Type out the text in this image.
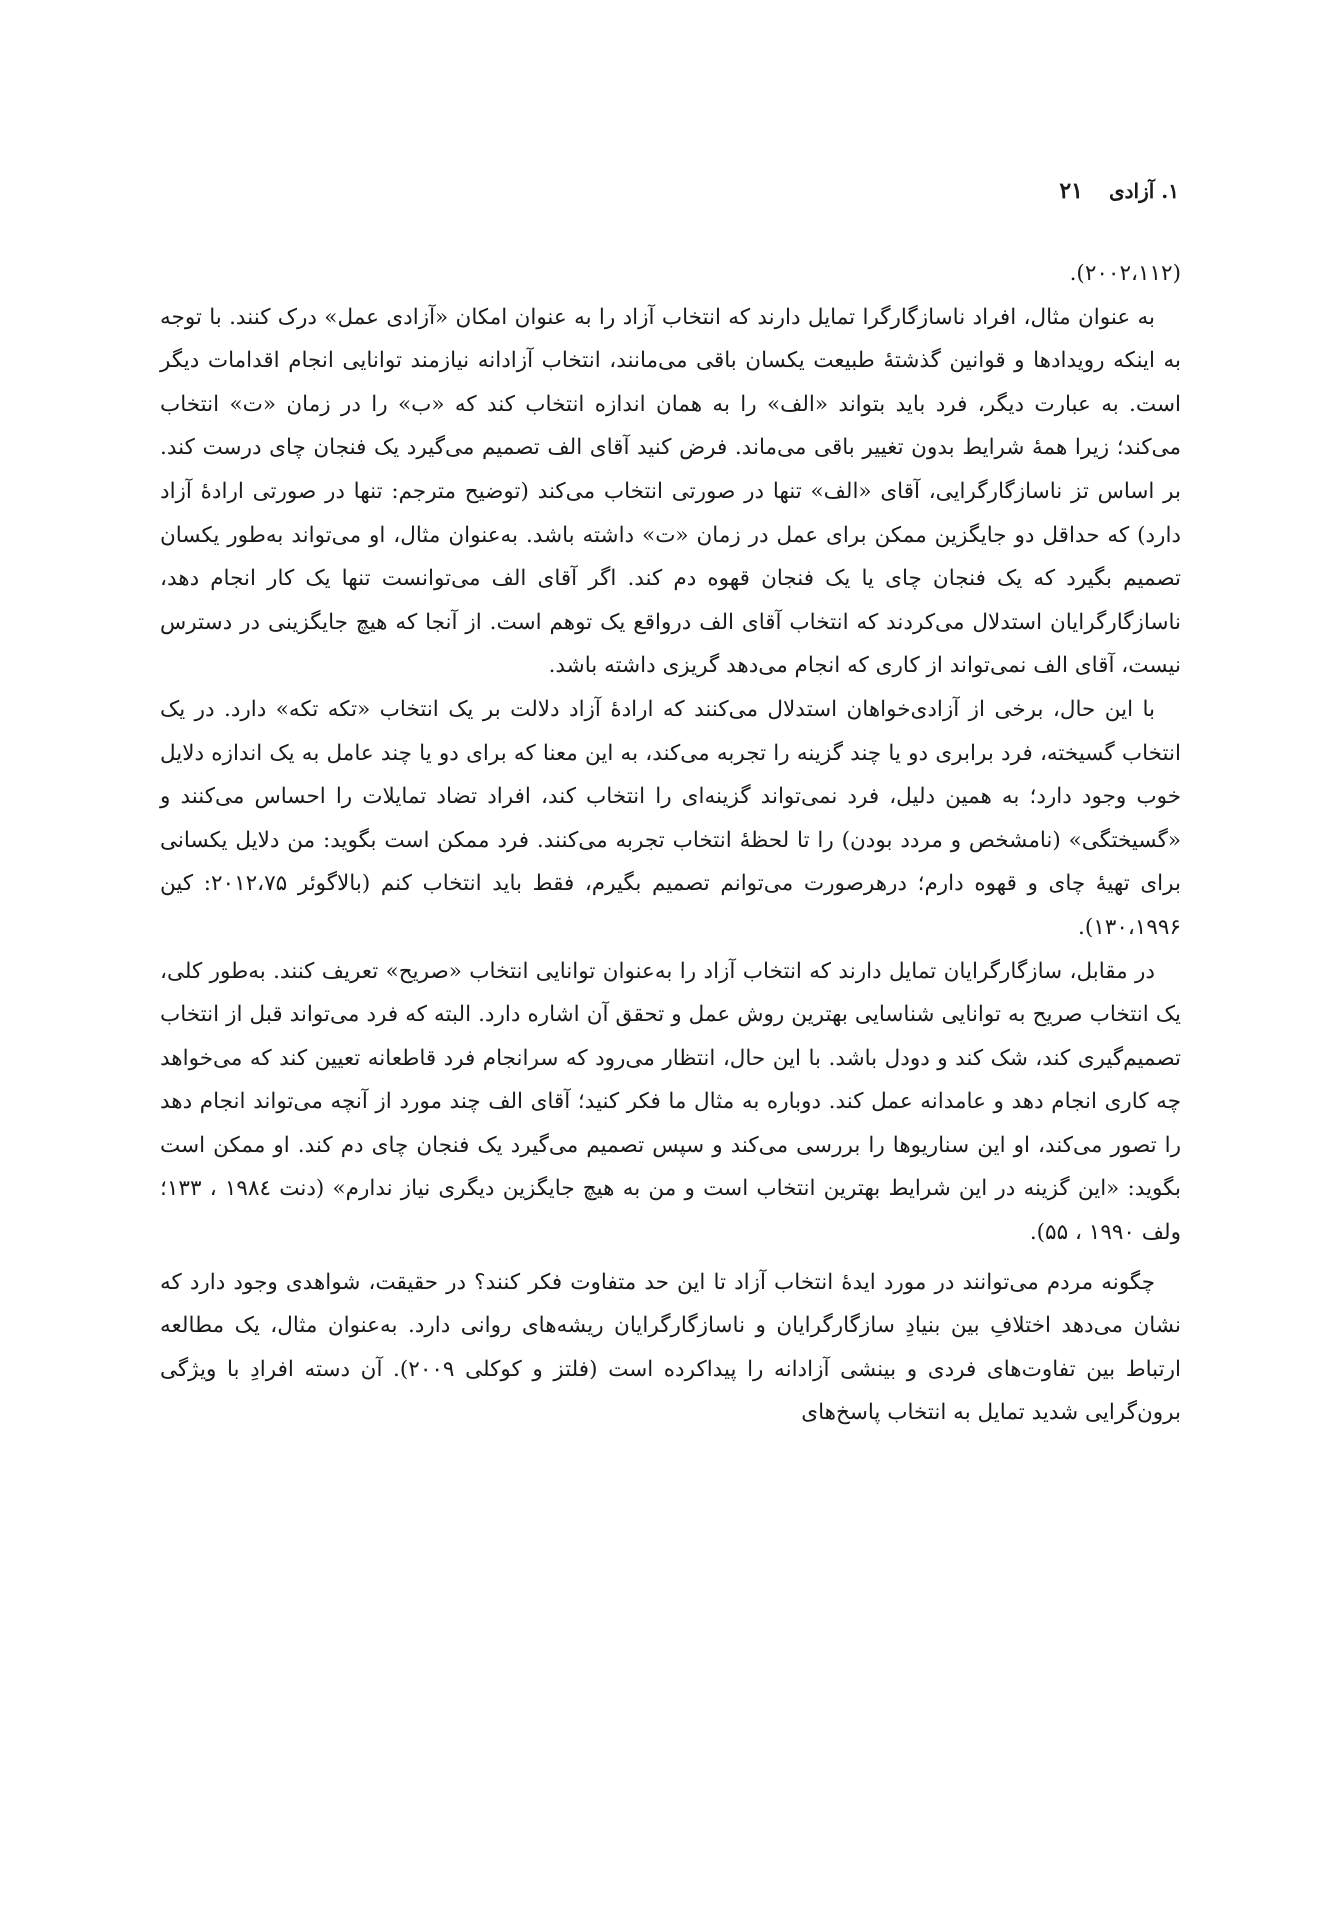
۱. آزادی
۲۱

(۲۰۰۲،۱۱۲).

به عنوان مثال، افراد ناسازگارگرا تمایل دارند که انتخاب آزاد را به عنوان امکان «آزادی عمل» درک کنند. با توجه به اینکه رویدادها و قوانین گذشتهٔ طبیعت یکسان باقی می‌مانند، انتخاب آزادانه نیازمند توانایی انجام اقدامات دیگر است. به عبارت دیگر، فرد باید بتواند «الف» را به همان اندازه انتخاب کند که «ب» را در زمان «ت» انتخاب می‌کند؛ زیرا همهٔ شرایط بدون تغییر باقی می‌ماند. فرض کنید آقای الف تصمیم می‌گیرد یک فنجان چای درست کند. بر اساس تز ناسازگارگرایی، آقای «الف» تنها در صورتی انتخاب می‌کند (توضیح مترجم: تنها در صورتی ارادهٔ آزاد دارد) که حداقل دو جایگزین ممکن برای عمل در زمان «ت» داشته باشد. به‌عنوان مثال، او می‌تواند به‌طور یکسان تصمیم بگیرد که یک فنجان چای یا یک فنجان قهوه دم کند. اگر آقای الف می‌توانست تنها یک کار انجام دهد، ناسازگارگرایان استدلال می‌کردند که انتخاب آقای الف درواقع یک توهم است. از آنجا که هیچ جایگزینی در دسترس نیست، آقای الف نمی‌تواند از کاری که انجام می‌دهد گریزی داشته باشد.

با این حال، برخی از آزادی‌خواهان استدلال می‌کنند که ارادهٔ آزاد دلالت بر یک انتخاب «تکه تکه» دارد. در یک انتخاب گسیخته، فرد برابری دو یا چند گزینه را تجربه می‌کند، به این معنا که برای دو یا چند عامل به یک اندازه دلایل خوب وجود دارد؛ به همین دلیل، فرد نمی‌تواند گزینه‌ای را انتخاب کند، افراد تضاد تمایلات را احساس می‌کنند و «گسیختگی» (نامشخص و مردد بودن) را تا لحظهٔ انتخاب تجربه می‌کنند. فرد ممکن است بگوید: من دلایل یکسانی برای تهیهٔ چای و قهوه دارم؛ درهرصورت می‌توانم تصمیم بگیرم، فقط باید انتخاب کنم (بالاگوئر ۲۰۱۲،۷۵: کین ۱۳۰،۱۹۹۶).

در مقابل، سازگارگرایان تمایل دارند که انتخاب آزاد را به‌عنوان توانایی انتخاب «صریح» تعریف کنند. به‌طور کلی، یک انتخاب صریح به توانایی شناسایی بهترین روش عمل و تحقق آن اشاره دارد. البته که فرد می‌تواند قبل از انتخاب تصمیم‌گیری کند، شک کند و دودل باشد. با این حال، انتظار می‌رود که سرانجام فرد قاطعانه تعیین کند که می‌خواهد چه کاری انجام دهد و عامدانه عمل کند. دوباره به مثال ما فکر کنید؛ آقای الف چند مورد از آنچه می‌تواند انجام دهد را تصور می‌کند، او این سناریوها را بررسی می‌کند و سپس تصمیم می‌گیرد یک فنجان چای دم کند. او ممکن است بگوید: «این گزینه در این شرایط بهترین انتخاب است و من به هیچ جایگزین دیگری نیاز ندارم» (دنت ۱۹۸٤ ، ۱۳۳؛ ولف ۱۹۹۰ ، ۵۵).

چگونه مردم می‌توانند در مورد ایدهٔ انتخاب آزاد تا این حد متفاوت فکر کنند؟ در حقیقت، شواهدی وجود دارد که نشان می‌دهد اختلافِ بین بنیادِ سازگارگرایان و ناسازگارگرایان ریشه‌های روانی دارد. به‌عنوان مثال، یک مطالعه ارتباط بین تفاوت‌های فردی و بینشی آزادانه را پیداکرده است (فلتز و کوکلی ۲۰۰۹). آن دسته افرادِ با ویژگی برون‌گرایی شدید تمایل به انتخاب پاسخ‌های
